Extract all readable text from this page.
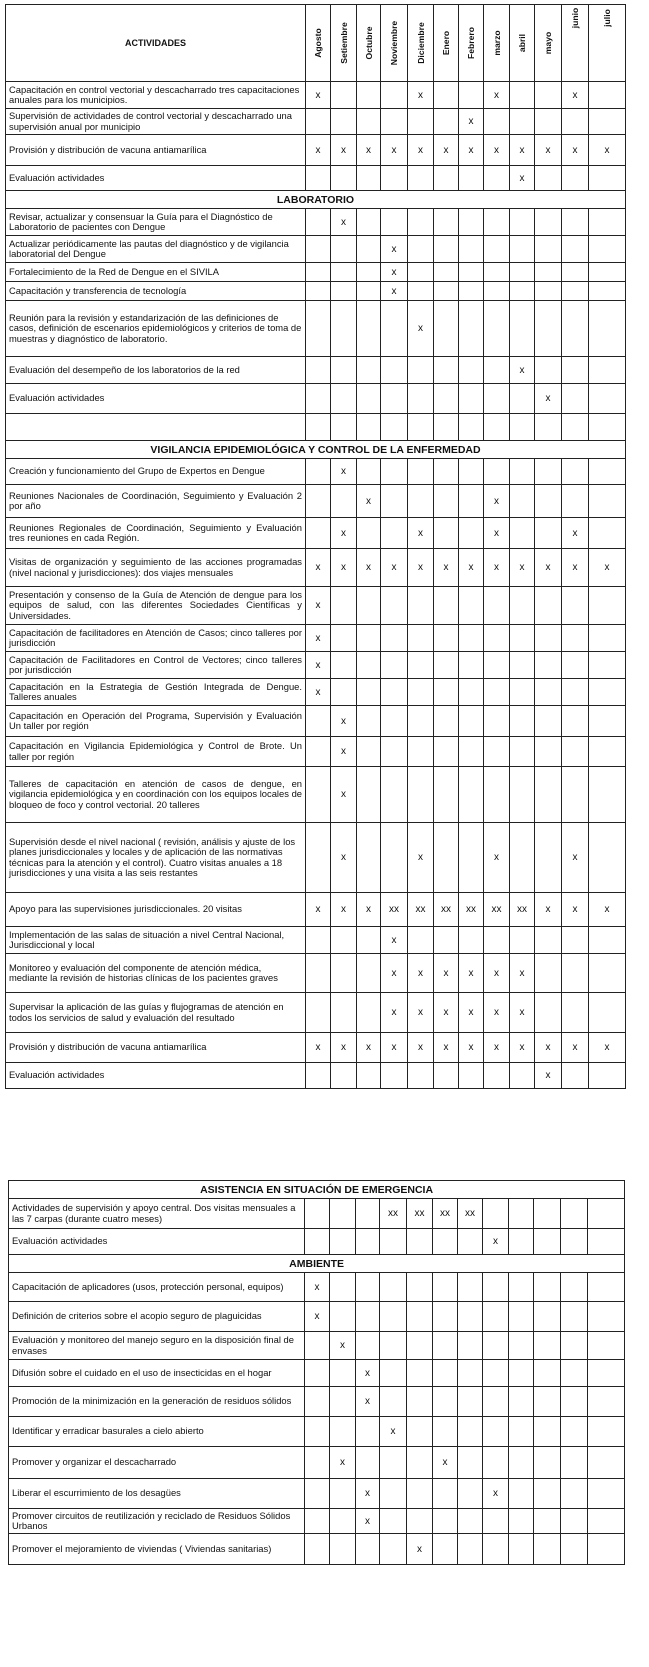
ACTIVIDADES	Agosto	Setiembre	Octubre	Noviembre	Diciembre	Enero	Febrero	marzo	abril	mayo	junio	julio

Capacitación en control vectorial y descacharrado tres capacitaciones anuales para los municipios.	x				x			x			x	
Supervisión de actividades de control vectorial y descacharrado una supervisión anual por municipio							x					
Provisión y distribución de vacuna antiamarílica	x	x	x	x	x	x	x	x	x	x	x	x
Evaluación actividades									x			
LABORATORIO												
Revisar, actualizar y consensuar la Guía para el Diagnóstico de Laboratorio de pacientes con Dengue		x										
Actualizar periódicamente las pautas del diagnóstico y de vigilancia laboratorial del Dengue				x								
Fortalecimiento de la Red de Dengue en el SIVILA				x								
Capacitación y transferencia de tecnología				x								
Reunión para la revisión y estandarización de las definiciones de casos, definición de escenarios epidemiológicos y criterios de toma de muestras y diagnóstico de laboratorio.					x							
Evaluación del desempeño de los laboratorios de la red									x			
Evaluación actividades										x		

VIGILANCIA EPIDEMIOLÓGICA Y CONTROL DE LA ENFERMEDAD												
Creación y funcionamiento del Grupo de Expertos en Dengue		x										
Reuniones Nacionales de Coordinación, Seguimiento y Evaluación 2 por año			x					x				
Reuniones Regionales de Coordinación, Seguimiento y Evaluación tres reuniones en cada Región.		x			x			x			x	
Visitas de organización y seguimiento de las acciones programadas (nivel nacional y jurisdicciones): dos viajes mensuales	x	x	x	x	x	x	x	x	x	x	x	x
Presentación y consenso de la Guía de Atención de dengue para los equipos de salud, con las diferentes Sociedades Científicas y Universidades.	x											
Capacitación de facilitadores en Atención de Casos; cinco talleres por jurisdicción	x											
Capacitación de Facilitadores en Control de Vectores; cinco talleres por jurisdicción	x											
Capacitación en la Estrategia de Gestión Integrada de Dengue. Talleres anuales	x											
Capacitación en Operación del Programa, Supervisión y Evaluación Un taller por región		x										
Capacitación en Vigilancia Epidemiológica y Control de Brote. Un taller por región		x										
Talleres de capacitación en atención de casos de dengue, en vigilancia epidemiológica y en coordinación con los equipos locales de bloqueo de foco y control vectorial. 20 talleres		x										
Supervisión desde el nivel nacional ( revisión, análisis y ajuste de los planes jurisdiccionales y locales y de aplicación de las normativas técnicas para la atención y el control). Cuatro visitas anuales a 18 jurisdicciones y una visita a las seis restantes		x			x			x			x	
Apoyo para las supervisiones jurisdiccionales. 20 visitas	x	x	x	xx	xx	xx	xx	xx	xx	x	x	x
Implementación de las salas de situación a nivel Central Nacional, Jurisdiccional y local				x								
Monitoreo y evaluación del componente de atención médica, mediante la revisión de historias clínicas de los pacientes graves				x	x	x	x	x	x			
Supervisar la aplicación de las guías y flujogramas de atención en todos los servicios de salud y evaluación del resultado				x	x	x	x	x	x			
Provisión y distribución de vacuna antiamarílica	x	x	x	x	x	x	x	x	x	x	x	x
Evaluación actividades										x		
ASISTENCIA EN SITUACIÓN DE EMERGENCIA												
Actividades de supervisión y apoyo central. Dos visitas mensuales a las 7 carpas (durante cuatro meses)				xx	xx	xx	xx					
Evaluación actividades								x				
AMBIENTE												
Capacitación de aplicadores (usos, protección personal, equipos)	x											
Definición de criterios sobre el acopio seguro de plaguicidas	x											
Evaluación y monitoreo del manejo seguro en la disposición final de envases		x										
Difusión sobre el cuidado en el uso de insecticidas en el hogar			x									
Promoción de la minimización en la generación de residuos sólidos			x									
Identificar y erradicar basurales a cielo abierto				x								
Promover y organizar el descacharrado		x				x						
Liberar el escurrimiento de los desagües			x					x				
Promover circuitos de reutilización y reciclado de Residuos Sólidos Urbanos			x									
Promover el mejoramiento de viviendas ( Viviendas sanitarias)					x							
